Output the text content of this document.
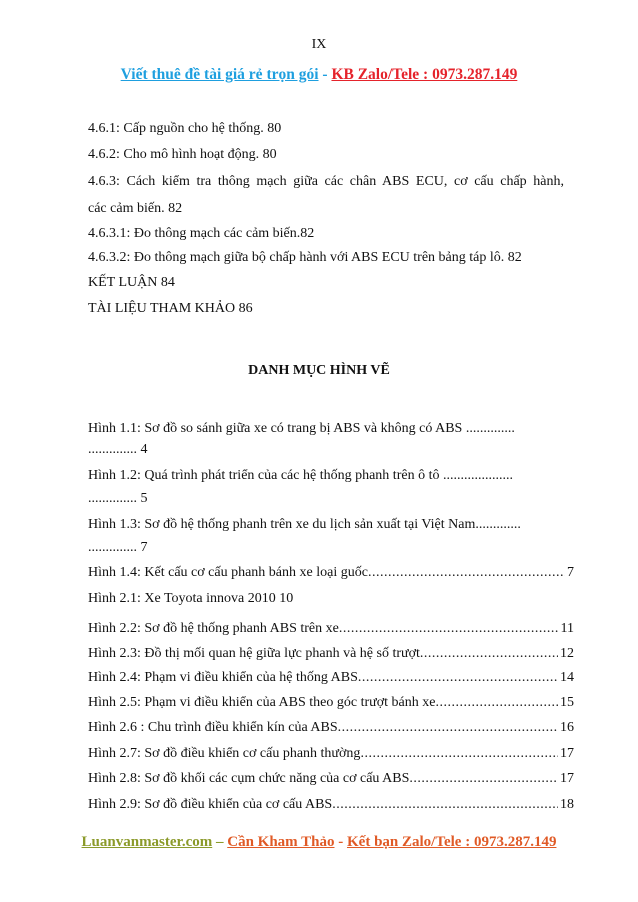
IX
Viết thuê đề tài giá rẻ trọn gói - KB Zalo/Tele : 0973.287.149
4.6.1: Cấp nguồn cho hệ thống. 80
4.6.2: Cho mô hình hoạt động. 80
4.6.3: Cách kiểm tra thông mạch giữa các chân ABS ECU, cơ cấu chấp hành,
các cảm biến. 82
4.6.3.1: Đo thông mạch các cảm biến.82
4.6.3.2: Đo thông mạch giữa bộ chấp hành với ABS ECU trên bảng táp lô. 82
KẾT LUẬN 84
TÀI LIỆU THAM KHẢO 86
DANH MỤC HÌNH VẼ
Hình 1.1: Sơ đồ so sánh giữa xe có trang bị ABS và không có ABS ..............
.............. 4
Hình 1.2: Quá trình phát triển của các hệ thống phanh trên ô tô ....................
.............. 5
Hình 1.3: Sơ đồ hệ thống phanh trên xe du lịch sản xuất tại Việt Nam.............
.............. 7
Hình 1.4: Kết cấu cơ cấu phanh bánh xe loại guốc .....	7
Hình 2.1: Xe Toyota innova 2010 10
Hình 2.2: Sơ đồ hệ thống phanh ABS trên xe .....	11
Hình 2.3: Đồ thị mối quan hệ giữa lực phanh và hệ số trượt .....	12
Hình 2.4: Phạm vi điều khiển của hệ thống ABS .....	14
Hình 2.5: Phạm vi điều khiển của ABS theo góc trượt bánh xe .....	15
Hình 2.6 : Chu trình điều khiển kín của ABS .....	16
Hình 2.7: Sơ đồ điều khiển cơ cấu phanh thường .....	17
Hình 2.8: Sơ đồ khối các cụm chức năng của cơ cấu ABS .....	17
Hình 2.9: Sơ đồ điều khiển của cơ cấu ABS .....	18
Luanvanmaster.com – Cần Kham Thảo - Kết bạn Zalo/Tele : 0973.287.149
